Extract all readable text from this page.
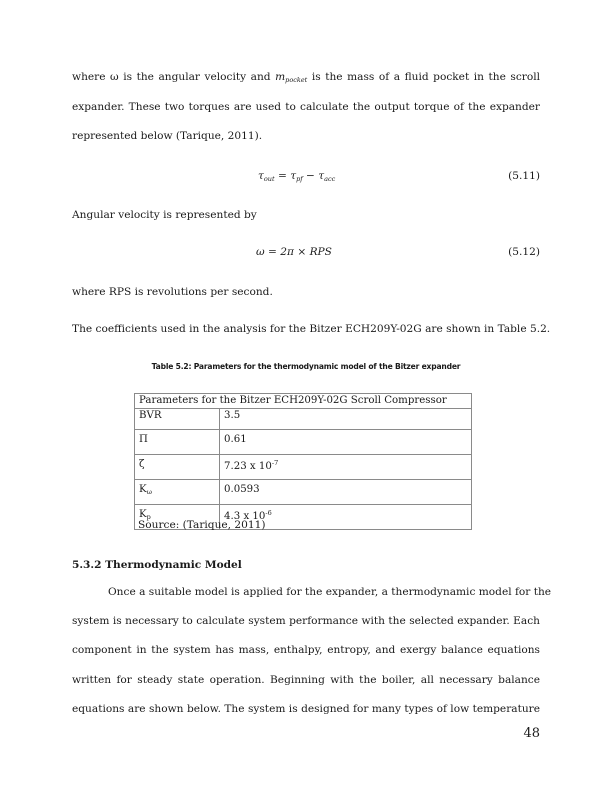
where ω is the angular velocity and $m_{pocket}$ is the mass of a fluid pocket in the scroll
expander. These two torques are used to calculate the output torque of the expander
represented below (Tarique, 2011).
$\tau_{out} = \tau_{pf} - \tau_{acc}$	(5.11)
Angular velocity is represented by
ω = 2π × RPS	(5.12)
where RPS is revolutions per second.
The coefficients used in the analysis for the Bitzer ECH209Y-02G are shown in Table 5.2.
Table 5.2: Parameters for the thermodynamic model of the Bitzer expander
Parameters for the Bitzer ECH209Y-02G Scroll Compressor	
BVR	3.5
Π	0.61
ζ	7.23 x $10^{-7}$
$K_\omega$	0.0593
$K_p$	4.3 x $10^{-6}$
Source: (Tarique, 2011)
5.3.2 Thermodynamic Model
Once a suitable model is applied for the expander, a thermodynamic model for the
system is necessary to calculate system performance with the selected expander. Each
component in the system has mass, enthalpy, entropy, and exergy balance equations
written for steady state operation. Beginning with the boiler, all necessary balance
equations are shown below. The system is designed for many types of low temperature
48
